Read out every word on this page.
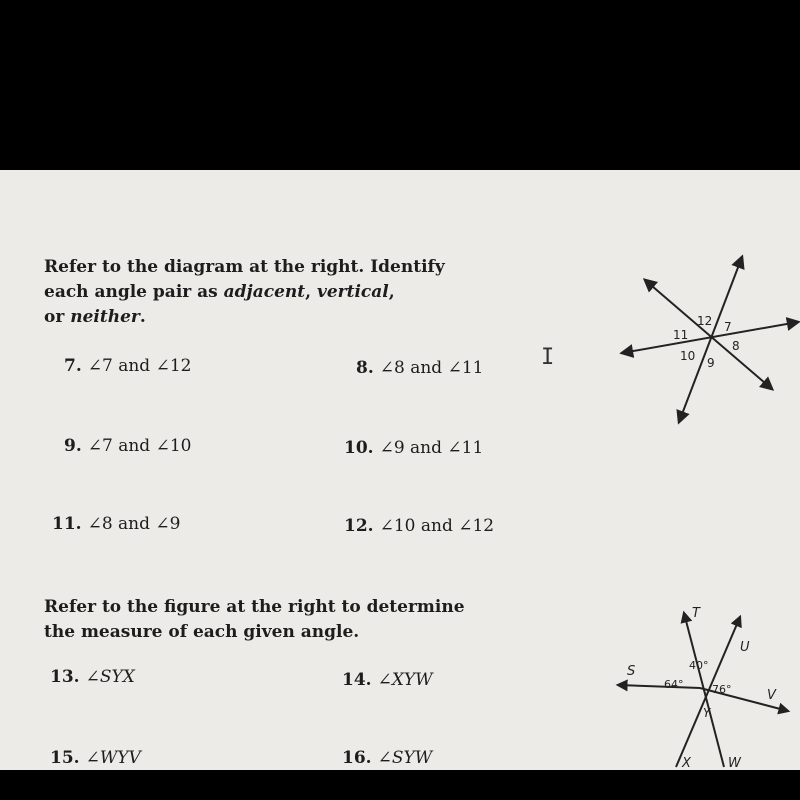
Refer to the diagram at the right. Identify
each angle pair as adjacent, vertical,
or neither.
7. ∠7 and ∠12	8. ∠8 and ∠11
9. ∠7 and ∠10	10. ∠9 and ∠11
11. ∠8 and ∠9	12. ∠10 and ∠12
I
12 7
11
8
10 9
Refer to the figure at the right to determine
the measure of each given angle.
13. ∠SYX	14. ∠XYW
15. ∠WYV	16. ∠SYW
T
U
S
V
Y
X	W
40°
64°	76°
